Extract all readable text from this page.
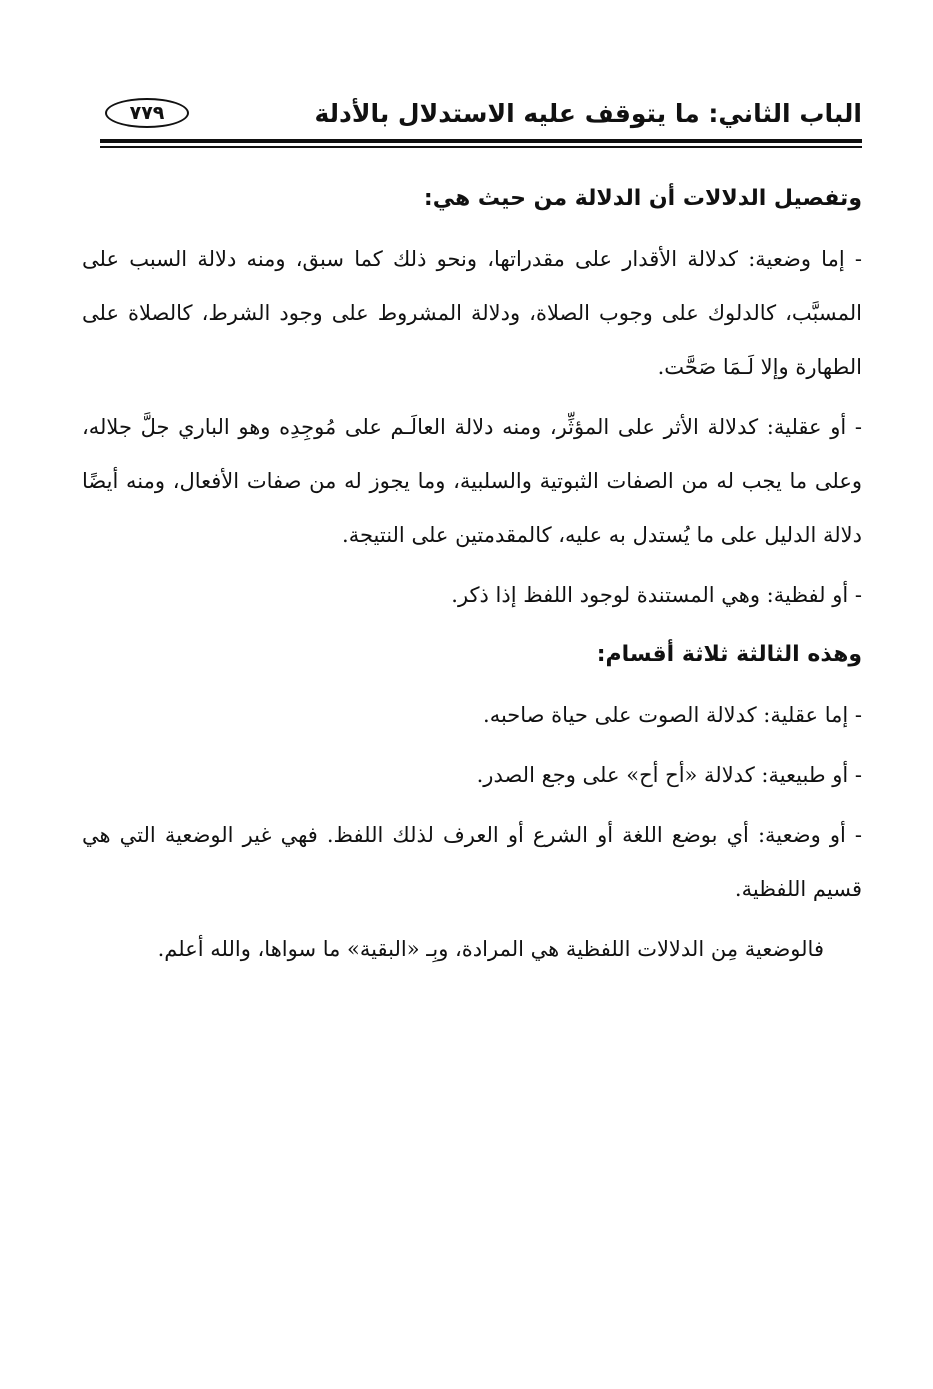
الباب الثاني: ما يتوقف عليه الاستدلال بالأدلة
٧٧٩
وتفصيل الدلالات أن الدلالة من حيث هي:

- إما وضعية: كدلالة الأقدار على مقدراتها، ونحو ذلك كما سبق، ومنه دلالة السبب على المسبَّب، كالدلوك على وجوب الصلاة، ودلالة المشروط على وجود الشرط، كالصلاة على الطهارة وإلا لَـمَا صَحَّت.

- أو عقلية: كدلالة الأثر على المؤثِّر، ومنه دلالة العالَـم على مُوجِدِه وهو الباري جلَّ جلاله، وعلى ما يجب له من الصفات الثبوتية والسلبية، وما يجوز له من صفات الأفعال، ومنه أيضًا دلالة الدليل على ما يُستدل به عليه، كالمقدمتين على النتيجة.

- أو لفظية: وهي المستندة لوجود اللفظ إذا ذكر.

وهذه الثالثة ثلاثة أقسام:

- إما عقلية: كدلالة الصوت على حياة صاحبه.

- أو طبيعية: كدلالة «أح أح» على وجع الصدر.

- أو وضعية: أي بوضع اللغة أو الشرع أو العرف لذلك اللفظ. فهي غير الوضعية التي هي قسيم اللفظية.

فالوضعية مِن الدلالات اللفظية هي المرادة، وبِـ «البقية» ما سواها، والله أعلم.
